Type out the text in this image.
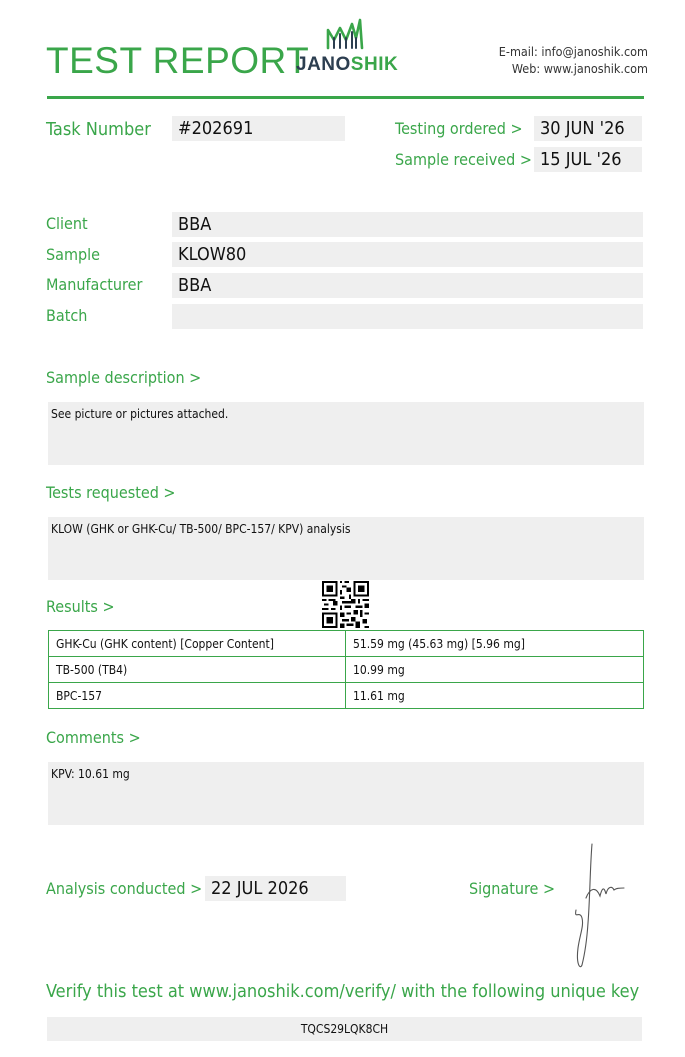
TEST REPORT
JANOSHIK
E-mail: info@janoshik.com
Web: www.janoshik.com
Task Number	#202691	Testing ordered > 30 JUN '26
Sample received > 15 JUL '26
Client	BBA
Sample	KLOW80
Manufacturer	BBA
Batch
Sample description >
See picture or pictures attached.
Tests requested >
KLOW (GHK or GHK-Cu/ TB-500/ BPC-157/ KPV) analysis
Results >
GHK-Cu (GHK content) [Copper Content]	51.59 mg (45.63 mg) [5.96 mg]
TB-500 (TB4)	10.99 mg
BPC-157	11.61 mg
Comments >
KPV: 10.61 mg
Analysis conducted > 22 JUL 2026	Signature >
Verify this test at www.janoshik.com/verify/ with the following unique key
TQCS29LQK8CH
